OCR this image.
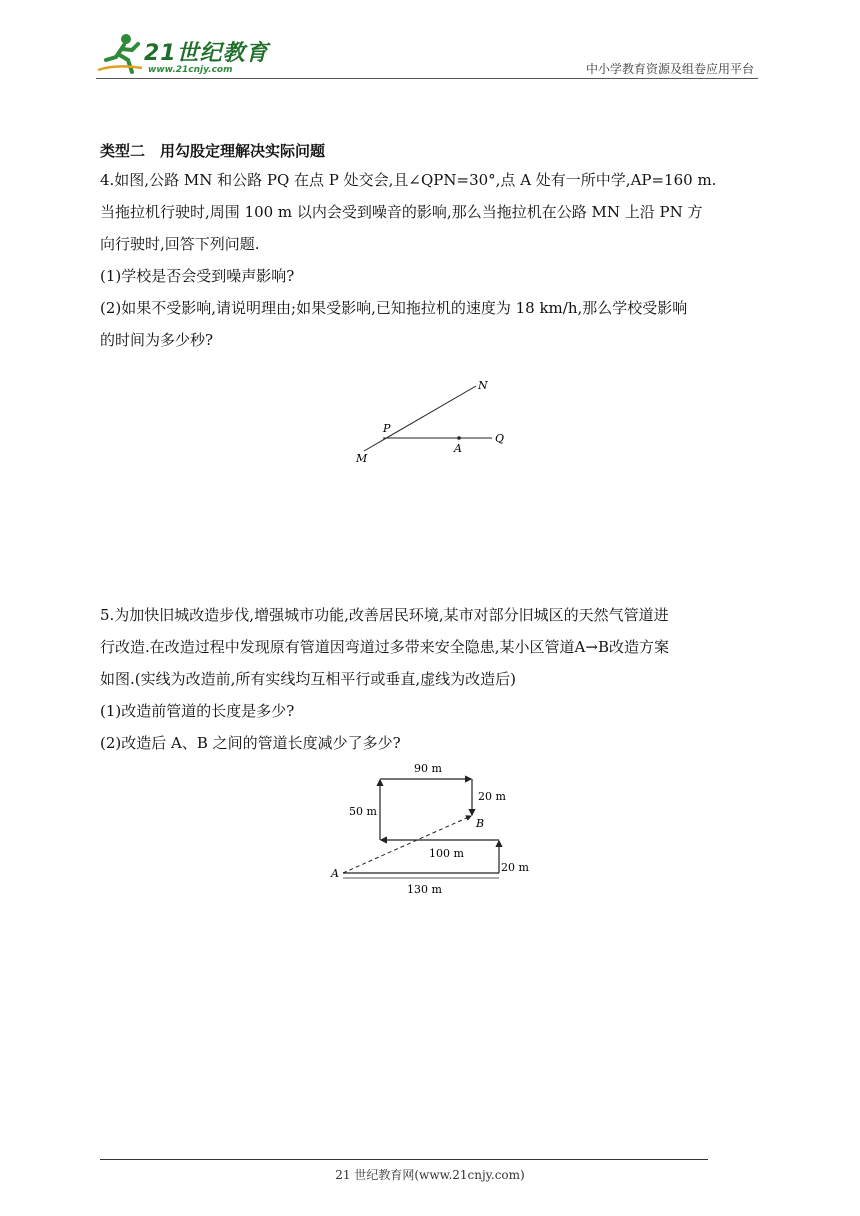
21世纪教育
www.21cnjy.com	中小学教育资源及组卷应用平台
类型二　用勾股定理解决实际问题

4.如图,公路 MN 和公路 PQ 在点 P 处交会,且∠QPN=30°,点 A 处有一所中学,AP=160 m.

当拖拉机行驶时,周围 100 m 以内会受到噪音的影响,那么当拖拉机在公路 MN 上沿 PN 方

向行驶时,回答下列问题.

(1)学校是否会受到噪声影响?

(2)如果不受影响,请说明理由;如果受影响,已知拖拉机的速度为 18 km/h,那么学校受影响

的时间为多少秒?

N
P
A
Q
M

5.为加快旧城改造步伐,增强城市功能,改善居民环境,某市对部分旧城区的天然气管道进

行改造.在改造过程中发现原有管道因弯道过多带来安全隐患,某小区管道A→B改造方案

如图.(实线为改造前,所有实线均互相平行或垂直,虚线为改造后)

(1)改造前管道的长度是多少?

(2)改造后 A、B 之间的管道长度减少了多少?

90 m
20 m
50 m
B
100 m
20 m
A
130 m
21 世纪教育网(www.21cnjy.com)
